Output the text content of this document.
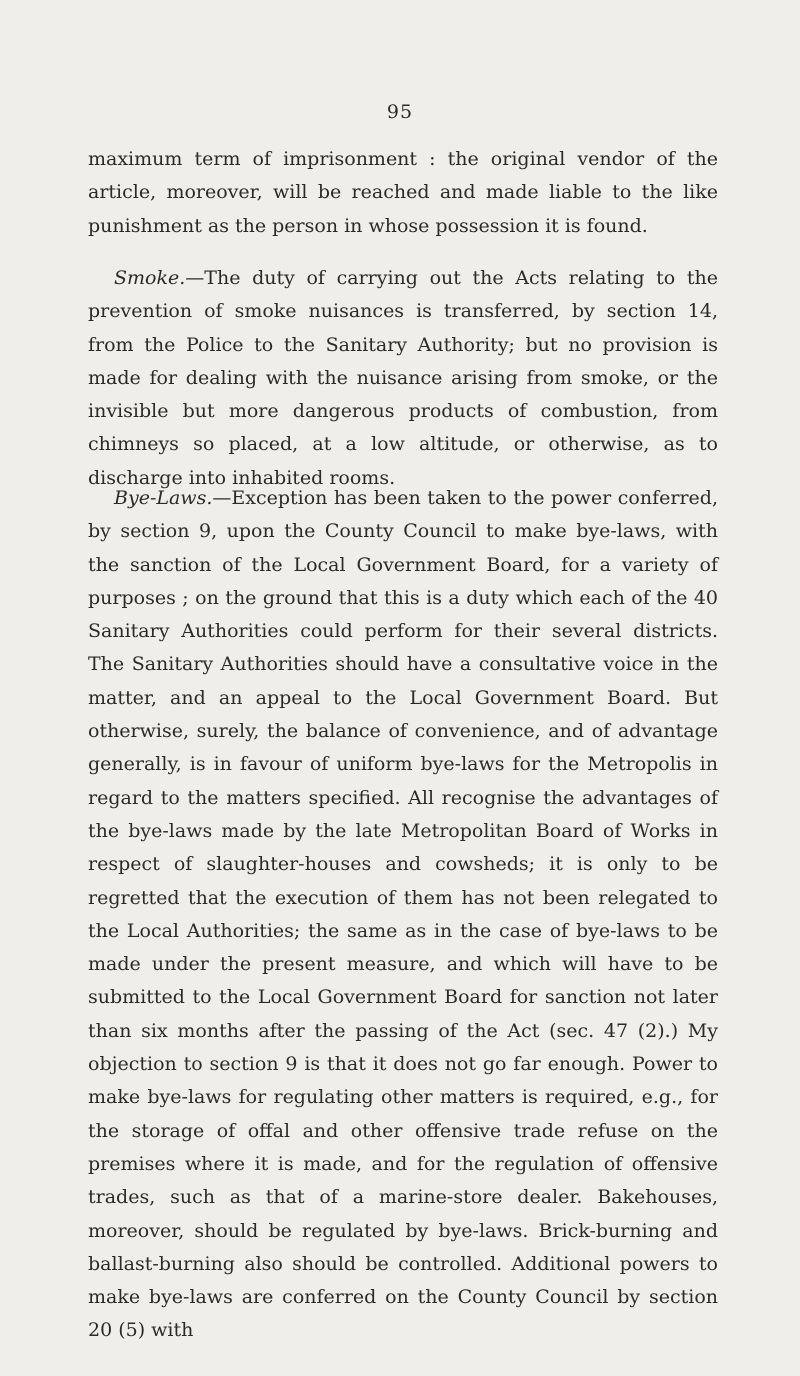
95

maximum term of imprisonment : the original vendor of the article, moreover, will be reached and made liable to the like punishment as the person in whose possession it is found.

Smoke.—The duty of carrying out the Acts relating to the prevention of smoke nuisances is transferred, by section 14, from the Police to the Sanitary Authority; but no provision is made for dealing with the nuisance arising from smoke, or the invisible but more dangerous products of combustion, from chimneys so placed, at a low altitude, or otherwise, as to discharge into inhabited rooms.

Bye-Laws.—Exception has been taken to the power conferred, by section 9, upon the County Council to make bye-laws, with the sanction of the Local Government Board, for a variety of purposes ; on the ground that this is a duty which each of the 40 Sanitary Authorities could perform for their several districts. The Sanitary Authorities should have a consultative voice in the matter, and an appeal to the Local Government Board. But otherwise, surely, the balance of convenience, and of advantage generally, is in favour of uniform bye-laws for the Metropolis in regard to the matters specified. All recognise the advantages of the bye-laws made by the late Metropolitan Board of Works in respect of slaughter-houses and cowsheds; it is only to be regretted that the execution of them has not been relegated to the Local Authorities; the same as in the case of bye-laws to be made under the present measure, and which will have to be submitted to the Local Government Board for sanction not later than six months after the passing of the Act (sec. 47 (2).) My objection to section 9 is that it does not go far enough. Power to make bye-laws for regulating other matters is required, e.g., for the storage of offal and other offensive trade refuse on the premises where it is made, and for the regulation of offensive trades, such as that of a marine-store dealer. Bakehouses, moreover, should be regulated by bye-laws. Brick-burning and ballast-burning also should be controlled. Additional powers to make bye-laws are conferred on the County Council by section 20 (5) with
